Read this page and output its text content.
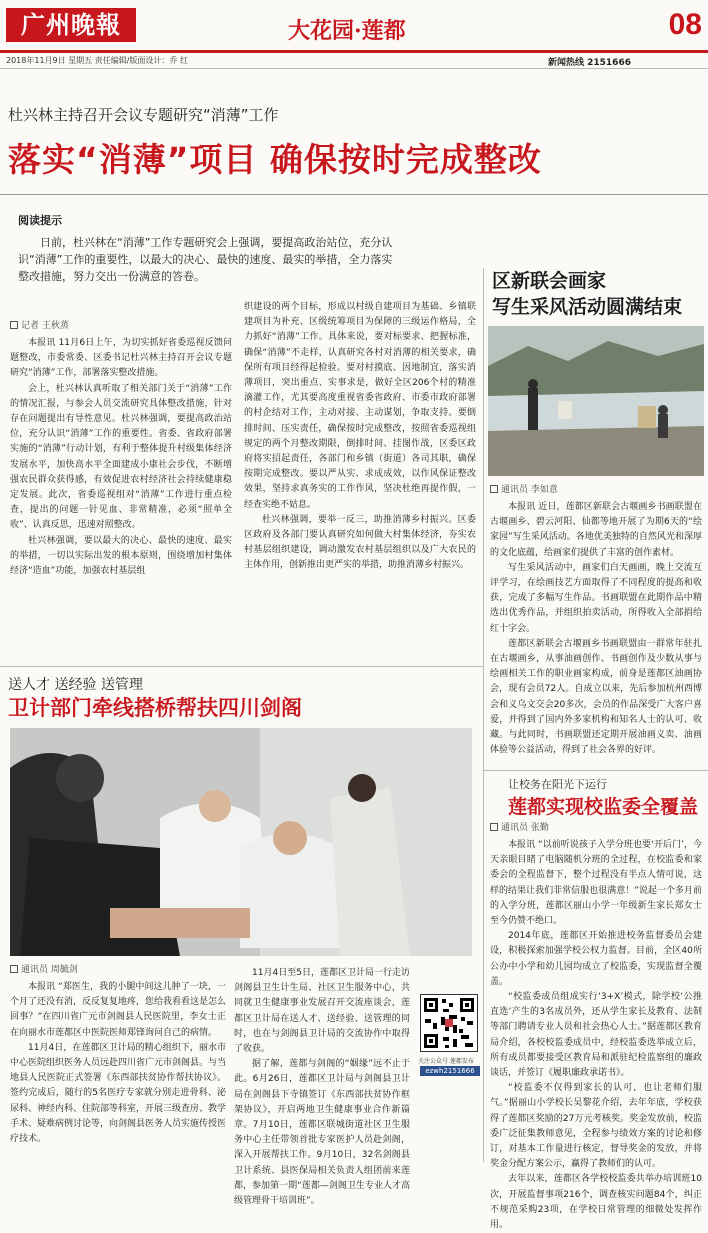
广州晚報	大花园·莲都	08
2018年11月9日 星期五 责任编辑/版面设计：乔 红	新闻热线 2151666
杜兴林主持召开会议专题研究“消薄”工作
落实“消薄”项目 确保按时完成整改
阅读提示
日前，杜兴林在“消薄”工作专题研究会上强调，要提高政治站位，充分认识“消薄”工作的重要性，以最大的决心、最快的速度、最实的举措，全力落实整改措施，努力交出一份满意的答卷。
记者 王秋蒸

本报讯 11月6日上午，为切实抓好省委巡视反馈问题整改，市委常委、区委书记杜兴林主持召开会议专题研究“消薄”工作，部署落实整改措施。

会上，杜兴林认真听取了相关部门关于“消薄”工作的情况汇报，与参会人员交流研究具体整改措施，针对存在问题提出有导性意见。杜兴林强调，要提高政治站位，充分认识“消薄”工作的重要性。省委、省政府部署实施的“消薄”行动计划，有利于整体提升村级集体经济发展水平，加快高水平全面建成小康社会步伐，不断增强农民群众获得感，有效促进农村经济社会持续健康稳定发展。此次，省委巡视组对“消薄”工作进行重点检查，提出的问题一针见血、非常精准，必须“照单全收”、认真反思，迅速对照整改。

杜兴林强调，要以最大的决心、最快的速度、最实的举措，一切以实际出发的根本原则，围绕增加村集体经济“造血”功能，加强农村基层组

织建设的两个目标，形成以村级自建项目为基础、乡镇联建项目为补充、区级统筹项目为保障的三级运作格局，全力抓好“消薄”工作。具体来说，要对标要求、把握标准，确保“消薄”不走样，认真研究各村对消薄的相关要求，确保所有项目经得起检验。要对村摸底、因地制宜，落实消薄项目，突出重点、实事求是，做好全区206个村的精准滴灌工作，尤其要高度重视省委省政府、市委市政府部署的村企结对工作，主动对接、主动谋划，争取支持。要倒排时间、压实责任，确保按时完成整改，按照省委巡视组规定的两个月整改期限，倒排时间、挂图作战，区委区政府将实招起责任，各部门和乡镇（街道）各司其职，确保按期完成整改。要以严从实、求成成效，以作风保证整改效果，坚持求真务实的工作作风，坚决杜绝再提作假，一经查实绝不姑息。

杜兴林强调，要举一反三，助推消薄乡村振兴。区委区政府及各部门要认真研究如何做大村集体经济，夯实农村基层组织建设，调动激发农村基层组织以及广大农民的主体作用，创新推出更严实的举措，助推消薄乡村振兴。

区新联会画家
写生采风活动圆满结束
通讯员 李如意

本报讯 近日，莲都区新联会古堰画乡书画联盟在古堰画乡、碧云河阳、仙都等地开展了为期6天的“绘家园”写生采风活动。各地优美独特的自然风光和深厚的文化底蕴，给画家们提供了丰富的创作素材。

写生采风活动中，画家们白天画画，晚上交流互评学习，在绘画技艺方面取得了不同程度的提高和收获，完成了多幅写生作品。书画联盟在此期作品中精选出优秀作品，并组织拍卖活动，所得收入全部捐给红十字会。

莲都区新联会古堰画乡书画联盟由一群常年驻扎在古堰画乡，从事油画创作、书画创作及少数从事与绘画相关工作的职业画家构成，前身是莲都区油画协会，现有会员72人。自成立以来，先后参加杭州西博会和义乌文交会20多次，会员的作品深受广大客户喜爱，并得到了国内外多家机构和知名人士的认可、收藏。与此同时，书画联盟还定期开展油画义卖、油画体验等公益活动，得到了社会各界的好评。

让校务在阳光下运行
莲都实现校监委全覆盖
通讯员 张勤

本报讯 “以前听说孩子入学分班也要‘开后门’，今天亲眼目睹了电脑随机分班的全过程，在校监委和家委会的全程监督下，整个过程没有半点人情可说，这样的结果让我们非常信服也很满意！”说起一个多月前的入学分班，莲都区丽山小学一年级新生家长郑女士至今仍赞不绝口。

2014年底，莲都区开始推进校务监督委员会建设，积极探索加强学校公权力监督。目前，全区40所公办中小学和幼儿园均成立了校监委，实现监督全覆盖。

“校监委成员组成实行‘3+X’模式，除学校‘公推直选’产生的3名成员外，还从学生家长及教育、法制等部门聘请专业人员和社会热心人士。”据莲都区教育局介绍，各校校监委成员中，经校监委选举成立后，所有成员都要接受区教育局和派驻纪检监察组的廉政谈话，并签订《履职廉政承诺书》。

“校监委不仅得到家长的认可，也让老师们服气。”据丽山小学校长吴黎花介绍，去年年底，学校获得了莲都区奖励的27万元考核奖。奖金发放前，校监委广泛征集教师意见，全程参与绩效方案的讨论和修订，对基本工作量进行核定，督导奖金的发放，并将奖金分配方案公示，赢得了教师们的认可。

去年以来，莲都区各学校校监委共举办培训班10次，开展监督事项216个，调查核实问题84个，纠正不规范采购23项，在学校日常管理的细微处发挥作用。

送人才 送经验 送管理
卫计部门牵线搭桥帮扶四川剑阁
通讯员 周毓剑

本报讯 “郑医生，我的小腿中间这儿肿了一块，一个月了还没有消，反反复复地疼，您给我看看这是怎么回事？”在四川省广元市剑阁县人民医院里，李女士正在向丽水市莲都区中医院医师郑锋询问自己的病情。

11月4日，在莲都区卫计局的精心组织下，丽水市中心医院组织医务人员远赴四川省广元市剑阁县。与当地县人民医院正式签署《东西部扶贫协作帮扶协议》。签约完成后，随行的5名医疗专家就分别走进骨科、泌尿科、神经内科、住院部等科室，开展三级查房、教学手术、疑难病例讨论等，向剑阁县医务人员实施传授医疗技术。

11月4日至5日，莲都区卫计局一行走访剑阁县卫生计生局、社区卫生服务中心，共同就卫生健康事业发展召开交流座谈会，莲都区卫计局在送人才、送经验、送管理的同时，也在与剑阁县卫计局的交流协作中取得了收获。

据了解，莲都与剑阁的“姻缘”远不止于此。6月26日，莲都区卫计局与剑阁县卫计局在剑阁县下寺镇签订《东西部扶贫协作框架协议》，开启两地卫生健康事业合作新篇章。7月10日，莲都区联城街道社区卫生服务中心主任带领首批专家医护人员赴剑阁，深入开展帮扶工作。9月10日，32名剑阁县卫计系统、县医保局相关负责人组团前来莲都，参加第一期“莲都—剑阁卫生专业人才高级管理骨干培训班”。

关注公众号 莲都发布
ezwh2151666
